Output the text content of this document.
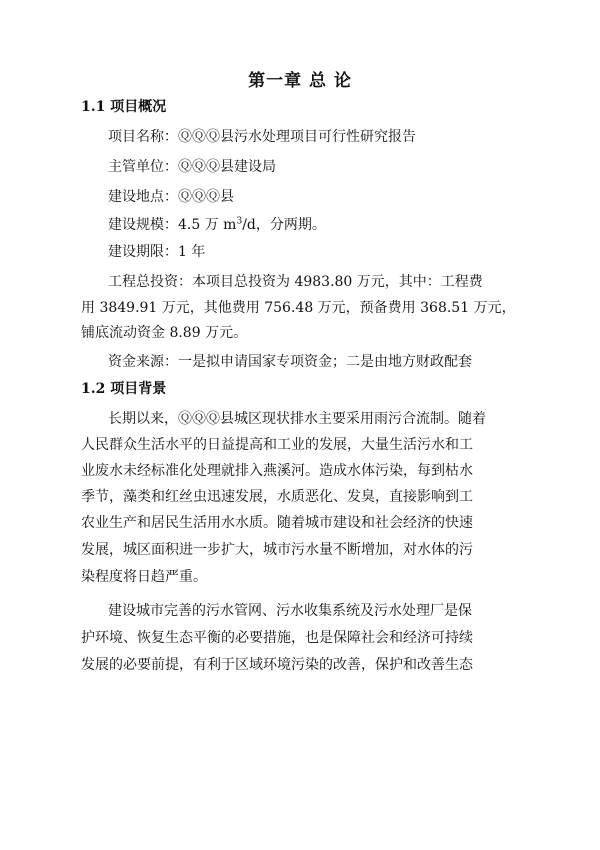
第一章 总 论
1.1 项目概况
项目名称：ⓆⓆⓆ县污水处理项目可行性研究报告
主管单位：ⓆⓆⓆ县建设局
建设地点：ⓆⓆⓆ县
建设规模：4.5 万 $m^3/d$，分两期。
建设期限：1 年
工程总投资：本项目总投资为 4983.80 万元，其中：工程费
用 3849.91 万元，其他费用 756.48 万元，预备费用 368.51 万元，
铺底流动资金 8.89 万元。
资金来源：一是拟申请国家专项资金；二是由地方财政配套
1.2 项目背景
长期以来，ⓆⓆⓆ县城区现状排水主要采用雨污合流制。随着
人民群众生活水平的日益提高和工业的发展，大量生活污水和工
业废水未经标准化处理就排入燕溪河。造成水体污染，每到枯水
季节，藻类和红丝虫迅速发展，水质恶化、发臭，直接影响到工
农业生产和居民生活用水水质。随着城市建设和社会经济的快速
发展，城区面积进一步扩大，城市污水量不断增加，对水体的污
染程度将日趋严重。
建设城市完善的污水管网、污水收集系统及污水处理厂是保
护环境、恢复生态平衡的必要措施，也是保障社会和经济可持续
发展的必要前提，有利于区域环境污染的改善，保护和改善生态
